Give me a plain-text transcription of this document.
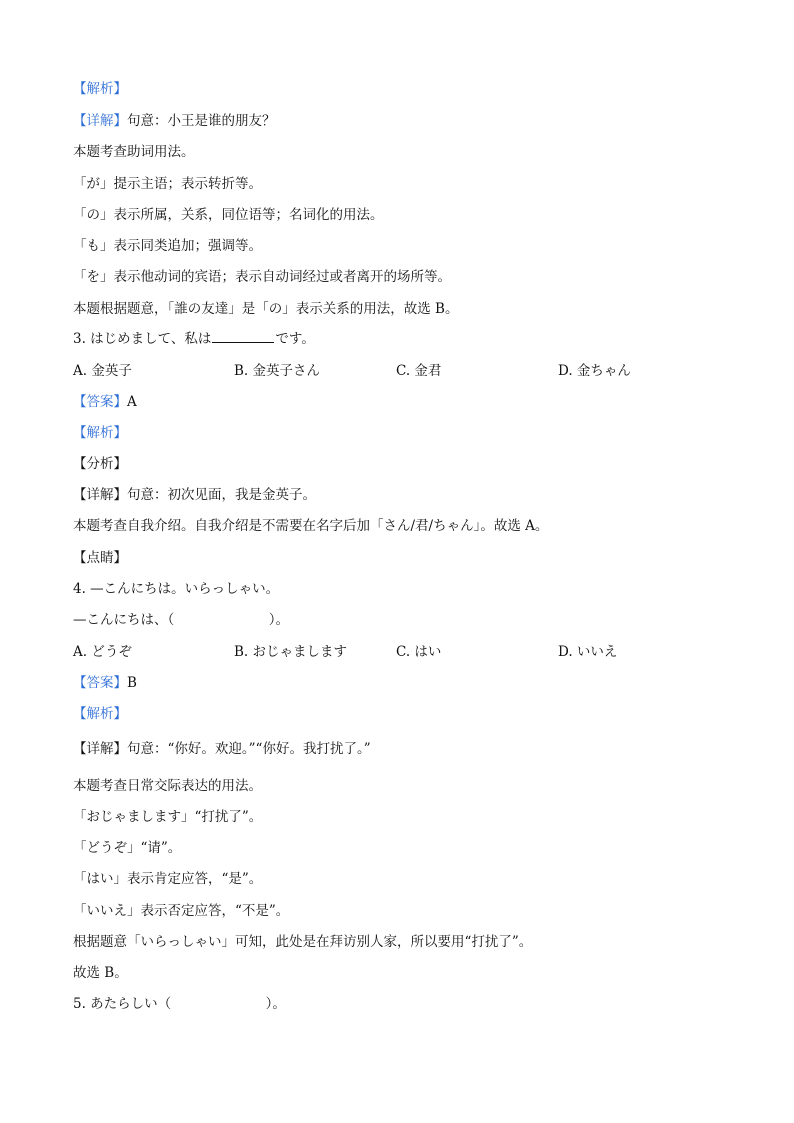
【解析】
【详解】句意：小王是谁的朋友？
本题考查助词用法。
「が」提示主语；表示转折等。
「の」表示所属，关系，同位语等；名词化的用法。
「も」表示同类追加；强调等。
「を」表示他动词的宾语；表示自动词经过或者离开的场所等。
本题根据题意，「誰の友達」是「の」表示关系的用法，故选 B。
3. はじめまして、私は	です。
A. 金英子	B. 金英子さん	C. 金君	D. 金ちゃん
【答案】A
【解析】
【分析】
【详解】句意：初次见面，我是金英子。
本题考查自我介绍。自我介绍是不需要在名字后加「さん/君/ちゃん」。故选 A。
【点睛】
4. —こんにちは。いらっしゃい。
—こんにちは、（　　　　　　　）。
A. どうぞ	B. おじゃまします	C. はい	D. いいえ
【答案】B
【解析】
【详解】句意：“你好。欢迎。”“你好。我打扰了。”
本题考查日常交际表达的用法。
「おじゃまします」“打扰了”。
「どうぞ」“请”。
「はい」表示肯定应答，“是”。
「いいえ」表示否定应答，“不是”。
根据题意「いらっしゃい」可知，此处是在拜访别人家，所以要用“打扰了”。
故选 B。
5. あたらしい（　　　　　　　）。
